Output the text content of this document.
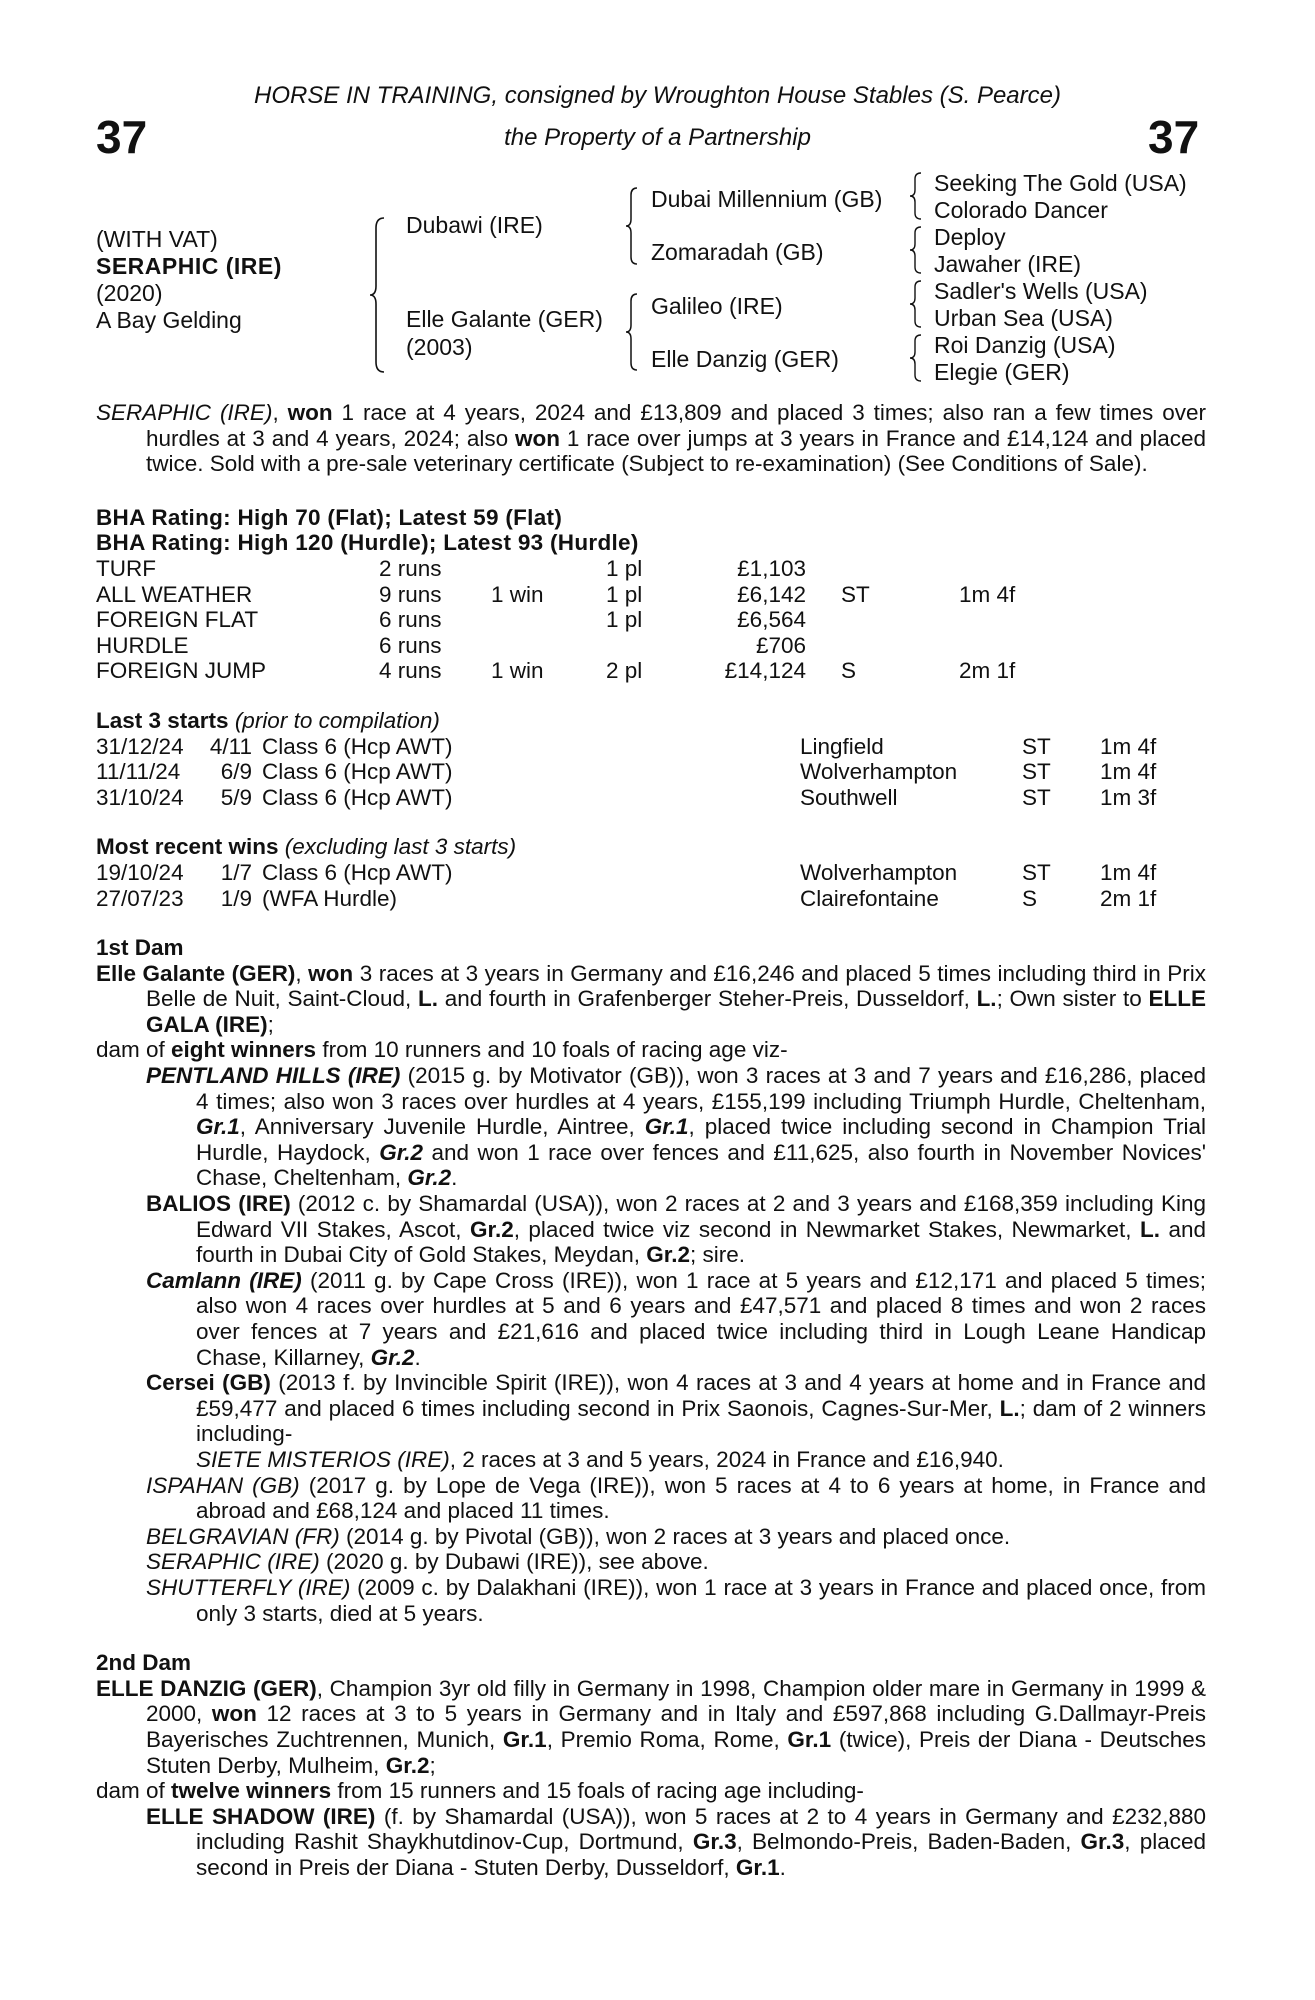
37	37
HORSE IN TRAINING, consigned by Wroughton House Stables (S. Pearce)
the Property of a Partnership
(WITH VAT)
SERAPHIC (IRE)
(2020)
A Bay Gelding
Dubawi (IRE)
Elle Galante (GER)
(2003)
Dubai Millennium (GB)
Zomaradah (GB)
Galileo (IRE)
Elle Danzig (GER)
Seeking The Gold (USA)
Colorado Dancer
Deploy
Jawaher (IRE)
Sadler's Wells (USA)
Urban Sea (USA)
Roi Danzig (USA)
Elegie (GER)
SERAPHIC (IRE), won 1 race at 4 years, 2024 and £13,809 and placed 3 times; also ran a few times over hurdles at 3 and 4 years, 2024; also won 1 race over jumps at 3 years in France and £14,124 and placed twice. Sold with a pre-sale veterinary certificate (Subject to re-examination) (See Conditions of Sale).
BHA Rating: High 70 (Flat); Latest 59 (Flat)
BHA Rating: High 120 (Hurdle); Latest 93 (Hurdle)
TURF	2 runs		1 pl	£1,103			
ALL WEATHER	9 runs	1 win	1 pl	£6,142		ST	1m 4f
FOREIGN FLAT	6 runs		1 pl	£6,564			
HURDLE	6 runs			£706			
FOREIGN JUMP	4 runs	1 win	2 pl	£14,124		S	2m 1f
Last 3 starts (prior to compilation)
31/12/24	4/11		Class 6 (Hcp AWT)	Lingfield	ST	1m 4f
11/11/24	6/9		Class 6 (Hcp AWT)	Wolverhampton	ST	1m 4f
31/10/24	5/9		Class 6 (Hcp AWT)	Southwell	ST	1m 3f
Most recent wins (excluding last 3 starts)
19/10/24	1/7		Class 6 (Hcp AWT)	Wolverhampton	ST	1m 4f
27/07/23	1/9		(WFA Hurdle)	Clairefontaine	S	2m 1f
1st Dam
Elle Galante (GER), won 3 races at 3 years in Germany and £16,246 and placed 5 times including third in Prix Belle de Nuit, Saint-Cloud, L. and fourth in Grafenberger Steher-Preis, Dusseldorf, L.; Own sister to ELLE GALA (IRE);
dam of eight winners from 10 runners and 10 foals of racing age viz-
PENTLAND HILLS (IRE) (2015 g. by Motivator (GB)), won 3 races at 3 and 7 years and £16,286, placed 4 times; also won 3 races over hurdles at 4 years, £155,199 including Triumph Hurdle, Cheltenham, Gr.1, Anniversary Juvenile Hurdle, Aintree, Gr.1, placed twice including second in Champion Trial Hurdle, Haydock, Gr.2 and won 1 race over fences and £11,625, also fourth in November Novices' Chase, Cheltenham, Gr.2.
BALIOS (IRE) (2012 c. by Shamardal (USA)), won 2 races at 2 and 3 years and £168,359 including King Edward VII Stakes, Ascot, Gr.2, placed twice viz second in Newmarket Stakes, Newmarket, L. and fourth in Dubai City of Gold Stakes, Meydan, Gr.2; sire.
Camlann (IRE) (2011 g. by Cape Cross (IRE)), won 1 race at 5 years and £12,171 and placed 5 times; also won 4 races over hurdles at 5 and 6 years and £47,571 and placed 8 times and won 2 races over fences at 7 years and £21,616 and placed twice including third in Lough Leane Handicap Chase, Killarney, Gr.2.
Cersei (GB) (2013 f. by Invincible Spirit (IRE)), won 4 races at 3 and 4 years at home and in France and £59,477 and placed 6 times including second in Prix Saonois, Cagnes-Sur-Mer, L.; dam of 2 winners including-
SIETE MISTERIOS (IRE), 2 races at 3 and 5 years, 2024 in France and £16,940.
ISPAHAN (GB) (2017 g. by Lope de Vega (IRE)), won 5 races at 4 to 6 years at home, in France and abroad and £68,124 and placed 11 times.
BELGRAVIAN (FR) (2014 g. by Pivotal (GB)), won 2 races at 3 years and placed once.
SERAPHIC (IRE) (2020 g. by Dubawi (IRE)), see above.
SHUTTERFLY (IRE) (2009 c. by Dalakhani (IRE)), won 1 race at 3 years in France and placed once, from only 3 starts, died at 5 years.
2nd Dam
ELLE DANZIG (GER), Champion 3yr old filly in Germany in 1998, Champion older mare in Germany in 1999 & 2000, won 12 races at 3 to 5 years in Germany and in Italy and £597,868 including G.Dallmayr-Preis Bayerisches Zuchtrennen, Munich, Gr.1, Premio Roma, Rome, Gr.1 (twice), Preis der Diana - Deutsches Stuten Derby, Mulheim, Gr.2;
dam of twelve winners from 15 runners and 15 foals of racing age including-
ELLE SHADOW (IRE) (f. by Shamardal (USA)), won 5 races at 2 to 4 years in Germany and £232,880 including Rashit Shaykhutdinov-Cup, Dortmund, Gr.3, Belmondo-Preis, Baden-Baden, Gr.3, placed second in Preis der Diana - Stuten Derby, Dusseldorf, Gr.1.
